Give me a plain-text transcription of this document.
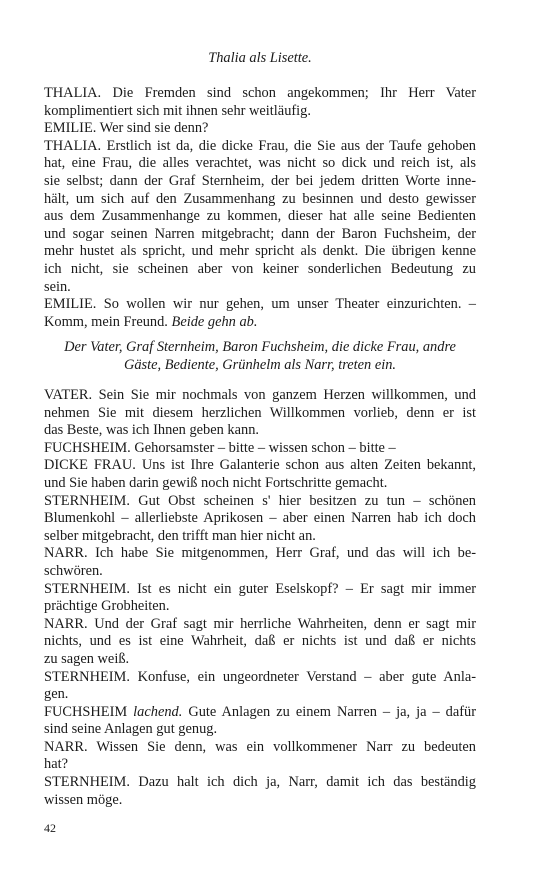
Thalia als Lisette.
THALIA. Die Fremden sind schon angekommen; Ihr Herr Vater
komplimentiert sich mit ihnen sehr weitläufig.
EMILIE. Wer sind sie denn?
THALIA. Erstlich ist da, die dicke Frau, die Sie aus der Taufe gehoben
hat, eine Frau, die alles verachtet, was nicht so dick und reich ist, als
sie selbst; dann der Graf Sternheim, der bei jedem dritten Worte inne-
hält, um sich auf den Zusammenhang zu besinnen und desto gewisser
aus dem Zusammenhange zu kommen, dieser hat alle seine Bedienten
und sogar seinen Narren mitgebracht; dann der Baron Fuchsheim, der
mehr hustet als spricht, und mehr spricht als denkt. Die übrigen kenne
ich nicht, sie scheinen aber von keiner sonderlichen Bedeutung zu
sein.
EMILIE. So wollen wir nur gehen, um unser Theater einzurichten. –
Komm, mein Freund. Beide gehn ab.
Der Vater, Graf Sternheim, Baron Fuchsheim, die dicke Frau, andre
Gäste, Bediente, Grünhelm als Narr, treten ein.
VATER. Sein Sie mir nochmals von ganzem Herzen willkommen, und
nehmen Sie mit diesem herzlichen Willkommen vorlieb, denn er ist
das Beste, was ich Ihnen geben kann.
FUCHSHEIM. Gehorsamster – bitte – wissen schon – bitte –
DICKE FRAU. Uns ist Ihre Galanterie schon aus alten Zeiten bekannt,
und Sie haben darin gewiß noch nicht Fortschritte gemacht.
STERNHEIM. Gut Obst scheinen s' hier besitzen zu tun – schönen
Blumenkohl – allerliebste Aprikosen – aber einen Narren hab ich doch
selber mitgebracht, den trifft man hier nicht an.
NARR. Ich habe Sie mitgenommen, Herr Graf, und das will ich be-
schwören.
STERNHEIM. Ist es nicht ein guter Eselskopf? – Er sagt mir immer
prächtige Grobheiten.
NARR. Und der Graf sagt mir herrliche Wahrheiten, denn er sagt mir
nichts, und es ist eine Wahrheit, daß er nichts ist und daß er nichts
zu sagen weiß.
STERNHEIM. Konfuse, ein ungeordneter Verstand – aber gute Anla-
gen.
FUCHSHEIM lachend. Gute Anlagen zu einem Narren – ja, ja – dafür
sind seine Anlagen gut genug.
NARR. Wissen Sie denn, was ein vollkommener Narr zu bedeuten
hat?
STERNHEIM. Dazu halt ich dich ja, Narr, damit ich das beständig
wissen möge.
42
